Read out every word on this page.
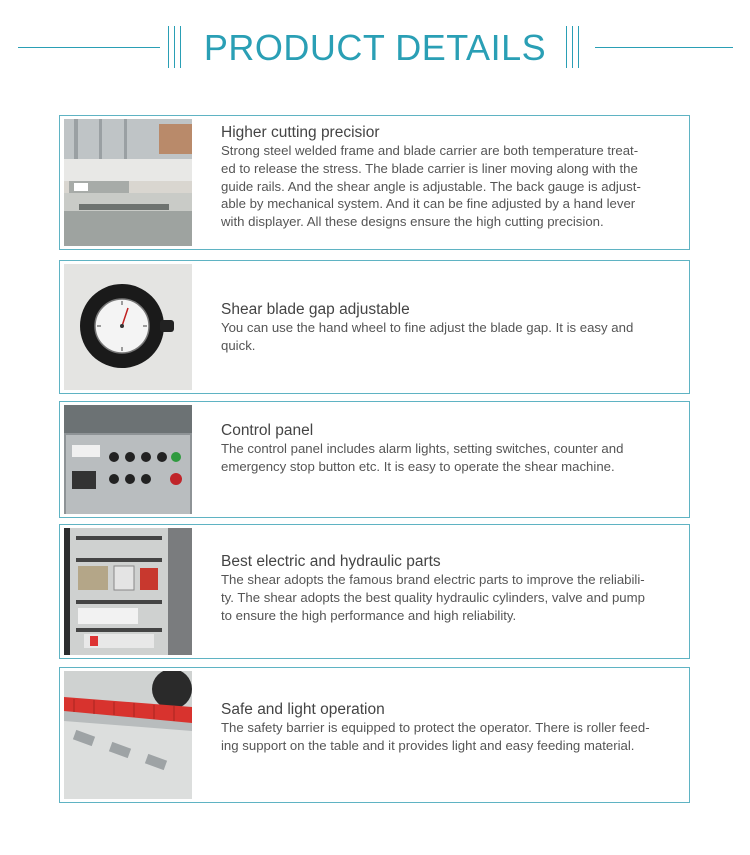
PRODUCT DETAILS

Higher cutting precisior

Strong steel welded frame and blade carrier are both temperature treat-
ed to release the stress. The blade carrier is liner moving along with the
guide rails. And the shear angle is adjustable. The back gauge is adjust-
able by mechanical system. And it can be fine adjusted by a hand lever
with displayer. All these designs ensure the high cutting precision.

Shear blade gap adjustable

You can use the hand wheel to fine adjust the blade gap. It is easy and
quick.

Control panel

The control panel includes alarm lights, setting switches, counter and
emergency stop button etc. It is easy to operate the shear machine.

Best electric and hydraulic parts

The shear adopts the famous brand electric parts to improve the reliabili-
ty. The shear adopts the best quality hydraulic cylinders, valve and pump
to ensure the high performance and high reliability.

Safe and light operation

The safety barrier is equipped to protect the operator. There is roller feed-
ing support on the table and it provides light and easy feeding material.
